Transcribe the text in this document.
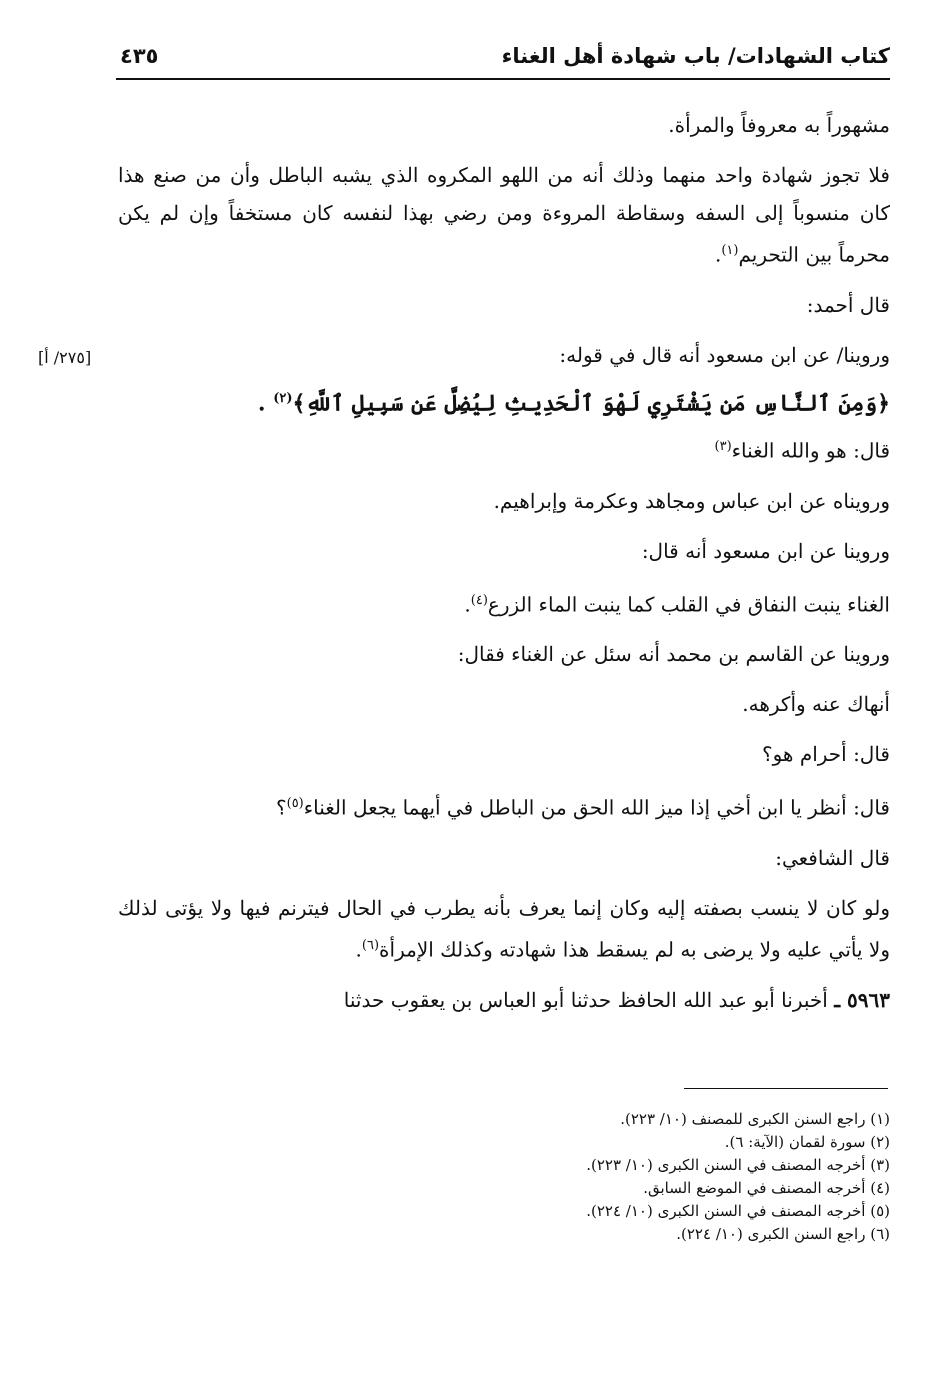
كتاب الشهادات/ باب شهادة أهل الغناء
٤٣٥
[٢٧٥/ أ]

مشهوراً به معروفاً والمرأة.

فلا تجوز شهادة واحد منهما وذلك أنه من اللهو المكروه الذي يشبه الباطل وأن من صنع هذا كان منسوباً إلى السفه وسقاطة المروءة ومن رضي بهذا لنفسه كان مستخفاً وإن لم يكن محرماً بين التحريم$^{(١)}$.

قال أحمد:

وروينا/ عن ابن مسعود أنه قال في قوله:

﴿وَمِنَ ٱلنَّاسِ مَن يَشْتَرِي لَهْوَ ٱلْحَدِيثِ لِيُضِلَّ عَن سَبِيلِ ٱللَّهِ﴾$^{(٢)}$ .

قال: هو والله الغناء$^{(٣)}$

ورويناه عن ابن عباس ومجاهد وعكرمة وإبراهيم.

وروينا عن ابن مسعود أنه قال:

الغناء ينبت النفاق في القلب كما ينبت الماء الزرع$^{(٤)}$.

وروينا عن القاسم بن محمد أنه سئل عن الغناء فقال:

أنهاك عنه وأكرهه.

قال: أحرام هو؟

قال: أنظر يا ابن أخي إذا ميز الله الحق من الباطل في أيهما يجعل الغناء$^{(٥)}$؟

قال الشافعي:

ولو كان لا ينسب بصفته إليه وكان إنما يعرف بأنه يطرب في الحال فيترنم فيها ولا يؤتى لذلك ولا يأتي عليه ولا يرضى به لم يسقط هذا شهادته وكذلك الإمرأة$^{(٦)}$.

٥٩٦٣ ـ أخبرنا أبو عبد الله الحافظ حدثنا أبو العباس بن يعقوب حدثنا

(١) راجع السنن الكبرى للمصنف (١٠/ ٢٢٣).

(٢) سورة لقمان (الآية: ٦).

(٣) أخرجه المصنف في السنن الكبرى (١٠/ ٢٢٣).

(٤) أخرجه المصنف في الموضع السابق.

(٥) أخرجه المصنف في السنن الكبرى (١٠/ ٢٢٤).

(٦) راجع السنن الكبرى (١٠/ ٢٢٤).
